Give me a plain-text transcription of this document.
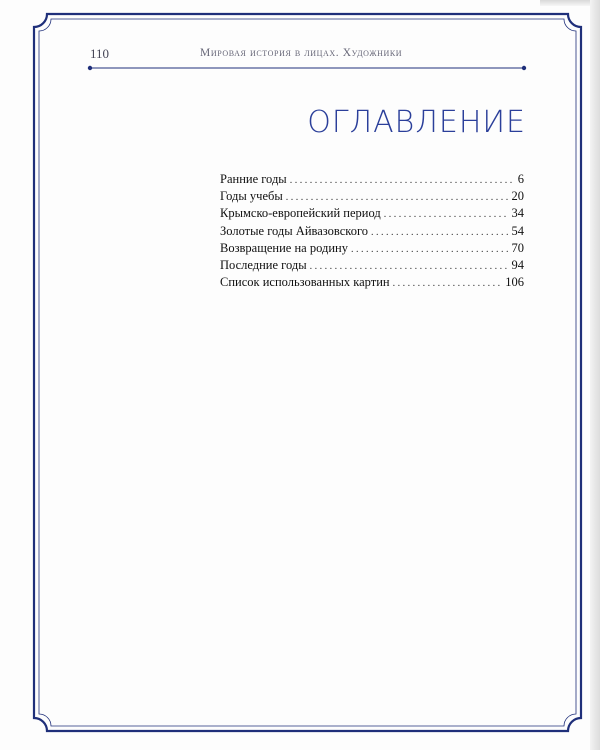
110	Мировая история в лицах. Художники
ОГЛАВЛЕНИЕ
Ранние годы . . .	6
Годы учебы . . .	20
Крымско-европейский период . . .	34
Золотые годы Айвазовского . . .	54
Возвращение на родину . . .	70
Последние годы . . .	94
Список использованных картин . . .	106
